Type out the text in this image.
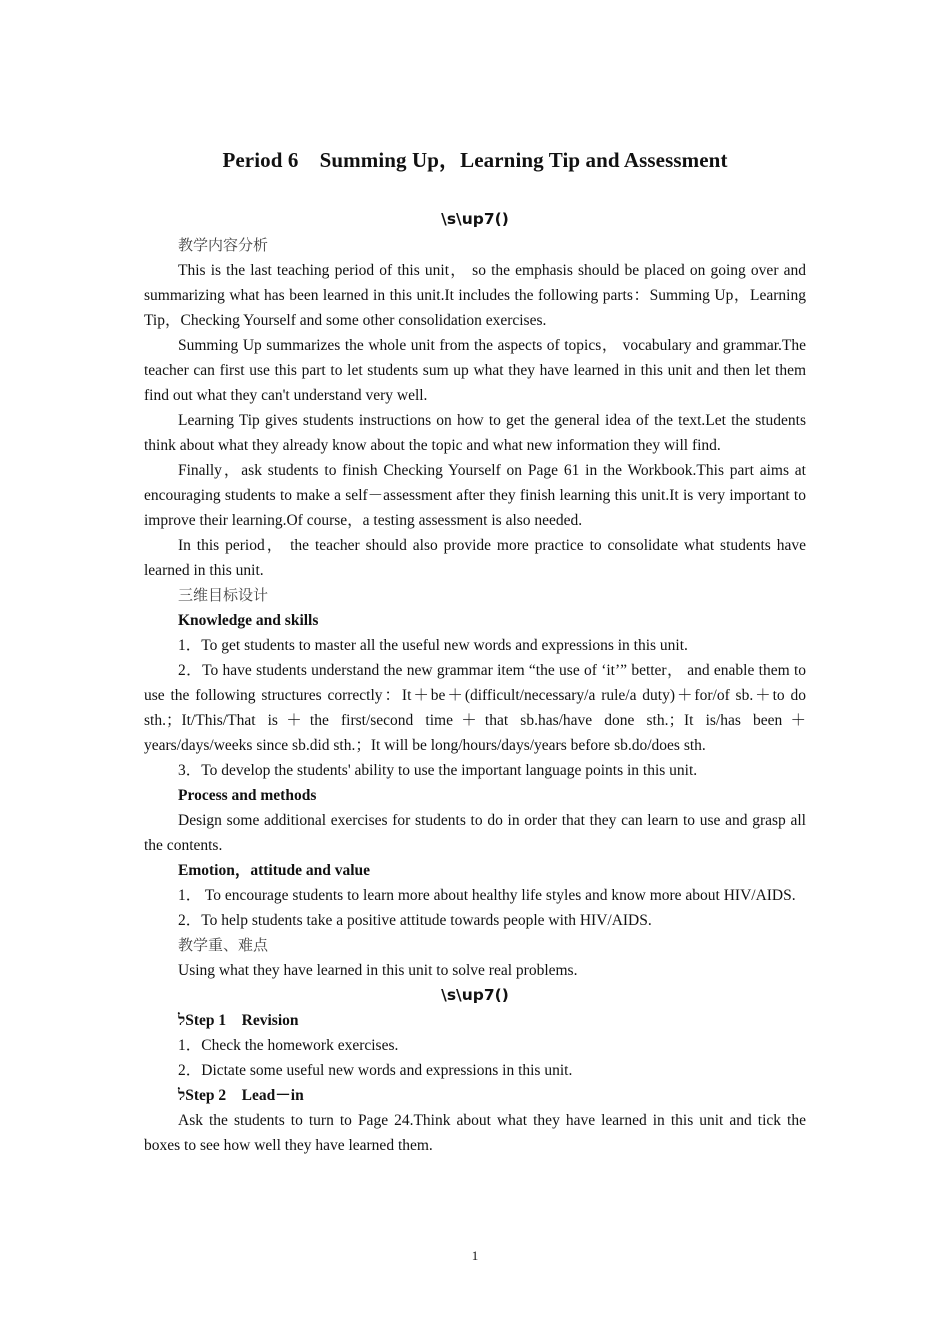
Period 6　Summing Up，Learning Tip and Assessment
\s\up7()

教学内容分析

This is the last teaching period of this unit， so the emphasis should be placed on going over and summarizing what has been learned in this unit.It includes the following parts：Summing Up，Learning Tip，Checking Yourself and some other consolidation exercises.

Summing Up summarizes the whole unit from the aspects of topics， vocabulary and grammar.The teacher can first use this part to let students sum up what they have learned in this unit and then let them find out what they can't understand very well.

Learning Tip gives students instructions on how to get the general idea of the text.Let the students think about what they already know about the topic and what new information they will find.

Finally，ask students to finish Checking Yourself on Page 61 in the Workbook.This part aims at encouraging students to make a self－assessment after they finish learning this unit.It is very important to improve their learning.Of course，a testing assessment is also needed.

In this period， the teacher should also provide more practice to consolidate what students have learned in this unit.

三维目标设计

Knowledge and skills

1．To get students to master all the useful new words and expressions in this unit.

2．To have students understand the new grammar item “the use of ‘it’” better， and enable them to use the following structures correctly：It＋be＋(difficult/necessary/a rule/a duty)＋for/of sb.＋to do sth.；It/This/That is＋the first/second time＋that sb.has/have done sth.；It is/has been＋years/days/weeks since sb.did sth.；It will be long/hours/days/years before sb.do/does sth.

3．To develop the students' ability to use the important language points in this unit.

Process and methods

Design some additional exercises for students to do in order that they can learn to use and grasp all the contents.

Emotion，attitude and value

1． To encourage students to learn more about healthy life styles and know more about HIV/AIDS.

2．To help students take a positive attitude towards people with HIV/AIDS.

教学重、难点

Using what they have learned in this unit to solve real problems.

\s\up7()

לStep 1　Revision

1．Check the homework exercises.

2．Dictate some useful new words and expressions in this unit.

לStep 2　Lead－in

Ask the students to turn to Page 24.Think about what they have learned in this unit and tick the boxes to see how well they have learned them.

1
